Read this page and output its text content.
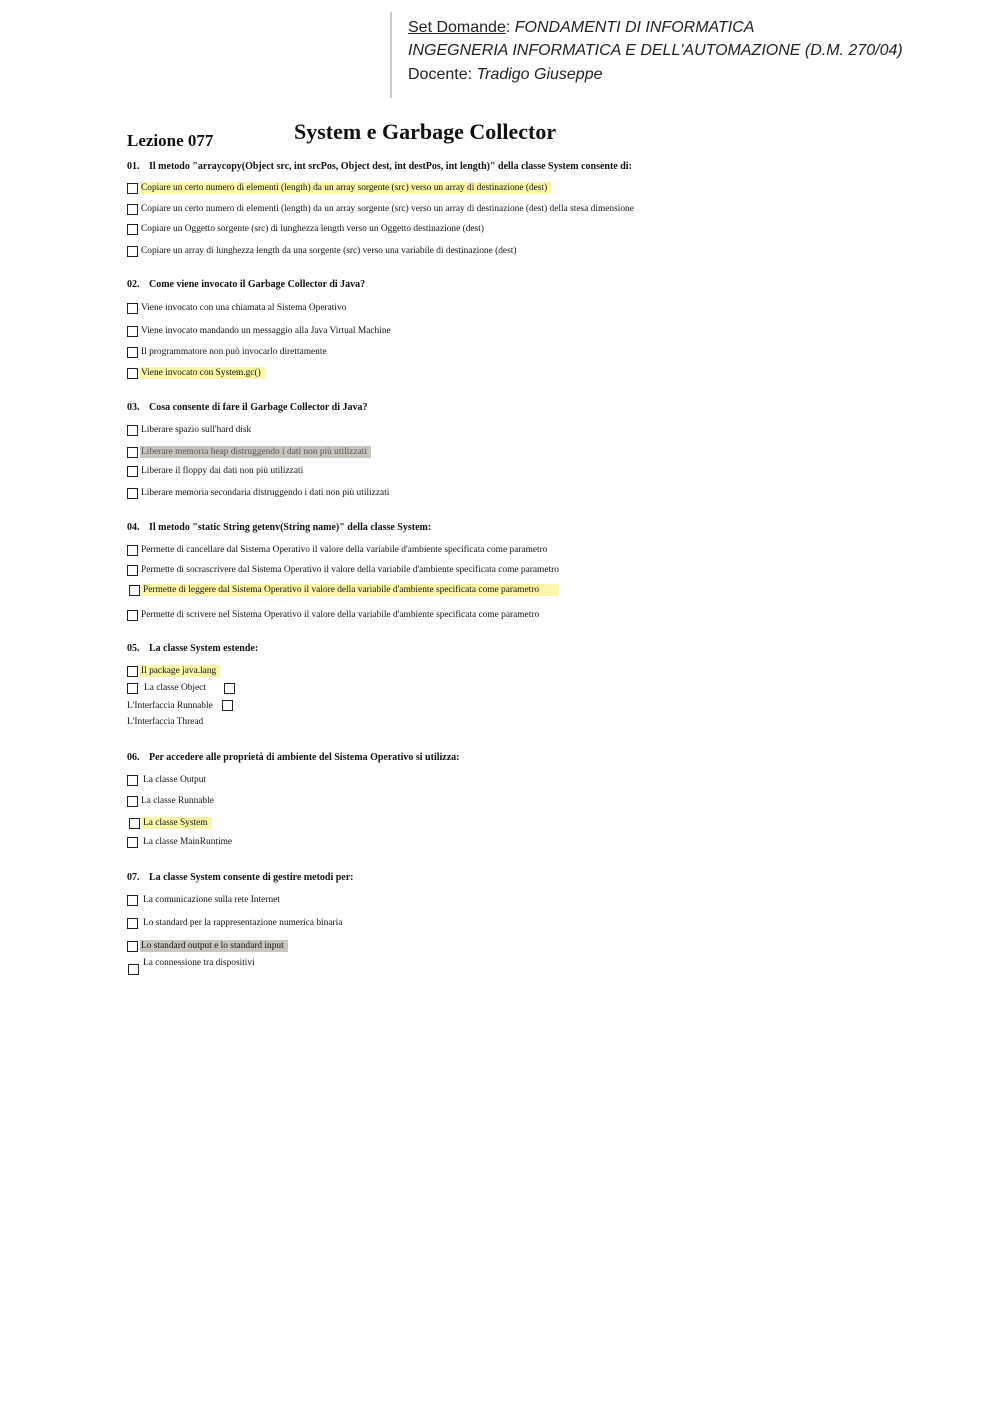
Set Domande: FONDAMENTI DI INFORMATICA
INGEGNERIA INFORMATICA E DELL'AUTOMAZIONE (D.M. 270/04)
Docente: Tradigo Giuseppe
Lezione 077	System e Garbage Collector
01. Il metodo "arraycopy(Object src, int srcPos, Object dest, int destPos, int length)" della classe System consente di:
Copiare un certo numero di elementi (length) da un array sorgente (src) verso un array di destinazione (dest)
Copiare un certo numero di elementi (length) da un array sorgente (src) verso un array di destinazione (dest) della stesa dimensione
Copiare un Oggetto sorgente (src) di lunghezza length verso un Oggetto destinazione (dest)
Copiare un array di lunghezza length da una sorgente (src) verso una variabile di destinazione (dest)
02. Come viene invocato il Garbage Collector di Java?
Viene invocato con una chiamata al Sistema Operativo
Viene invocato mandando un messaggio alla Java Virtual Machine
Il programmatore non può invocarlo direttamente
Viene invocato con System.gc()
03. Cosa consente di fare il Garbage Collector di Java?
Liberare spazio sull'hard disk
Liberare memoria heap distruggendo i dati non più utilizzati
Liberare il floppy dai dati non più utilizzati
Liberare memoria secondaria distruggendo i dati non più utilizzati
04. Il metodo "static String getenv(String name)" della classe System:
Permette di cancellare dal Sistema Operativo il valore della variabile d'ambiente specificata come parametro
Permette di socrascrivere dal Sistema Operativo il valore della variabile d'ambiente specificata come parametro
Permette di leggere dal Sistema Operativo il valore della variabile d'ambiente specificata come parametro
Permette di scrivere nel Sistema Operativo il valore della variabile d'ambiente specificata come parametro
05. La classe System estende:
Il package java.lang
La classe Object
L'Interfaccia Runnable
L'Interfaccia Thread
06. Per accedere alle proprietà di ambiente del Sistema Operativo si utilizza:
La classe Output
La classe Runnable
La classe System
La classe MainRuntime
07. La classe System consente di gestire metodi per:
La comunicazione sulla rete Internet
Lo standard per la rappresentazione numerica binaria
Lo standard output e lo standard input
La connessione tra dispositivi
